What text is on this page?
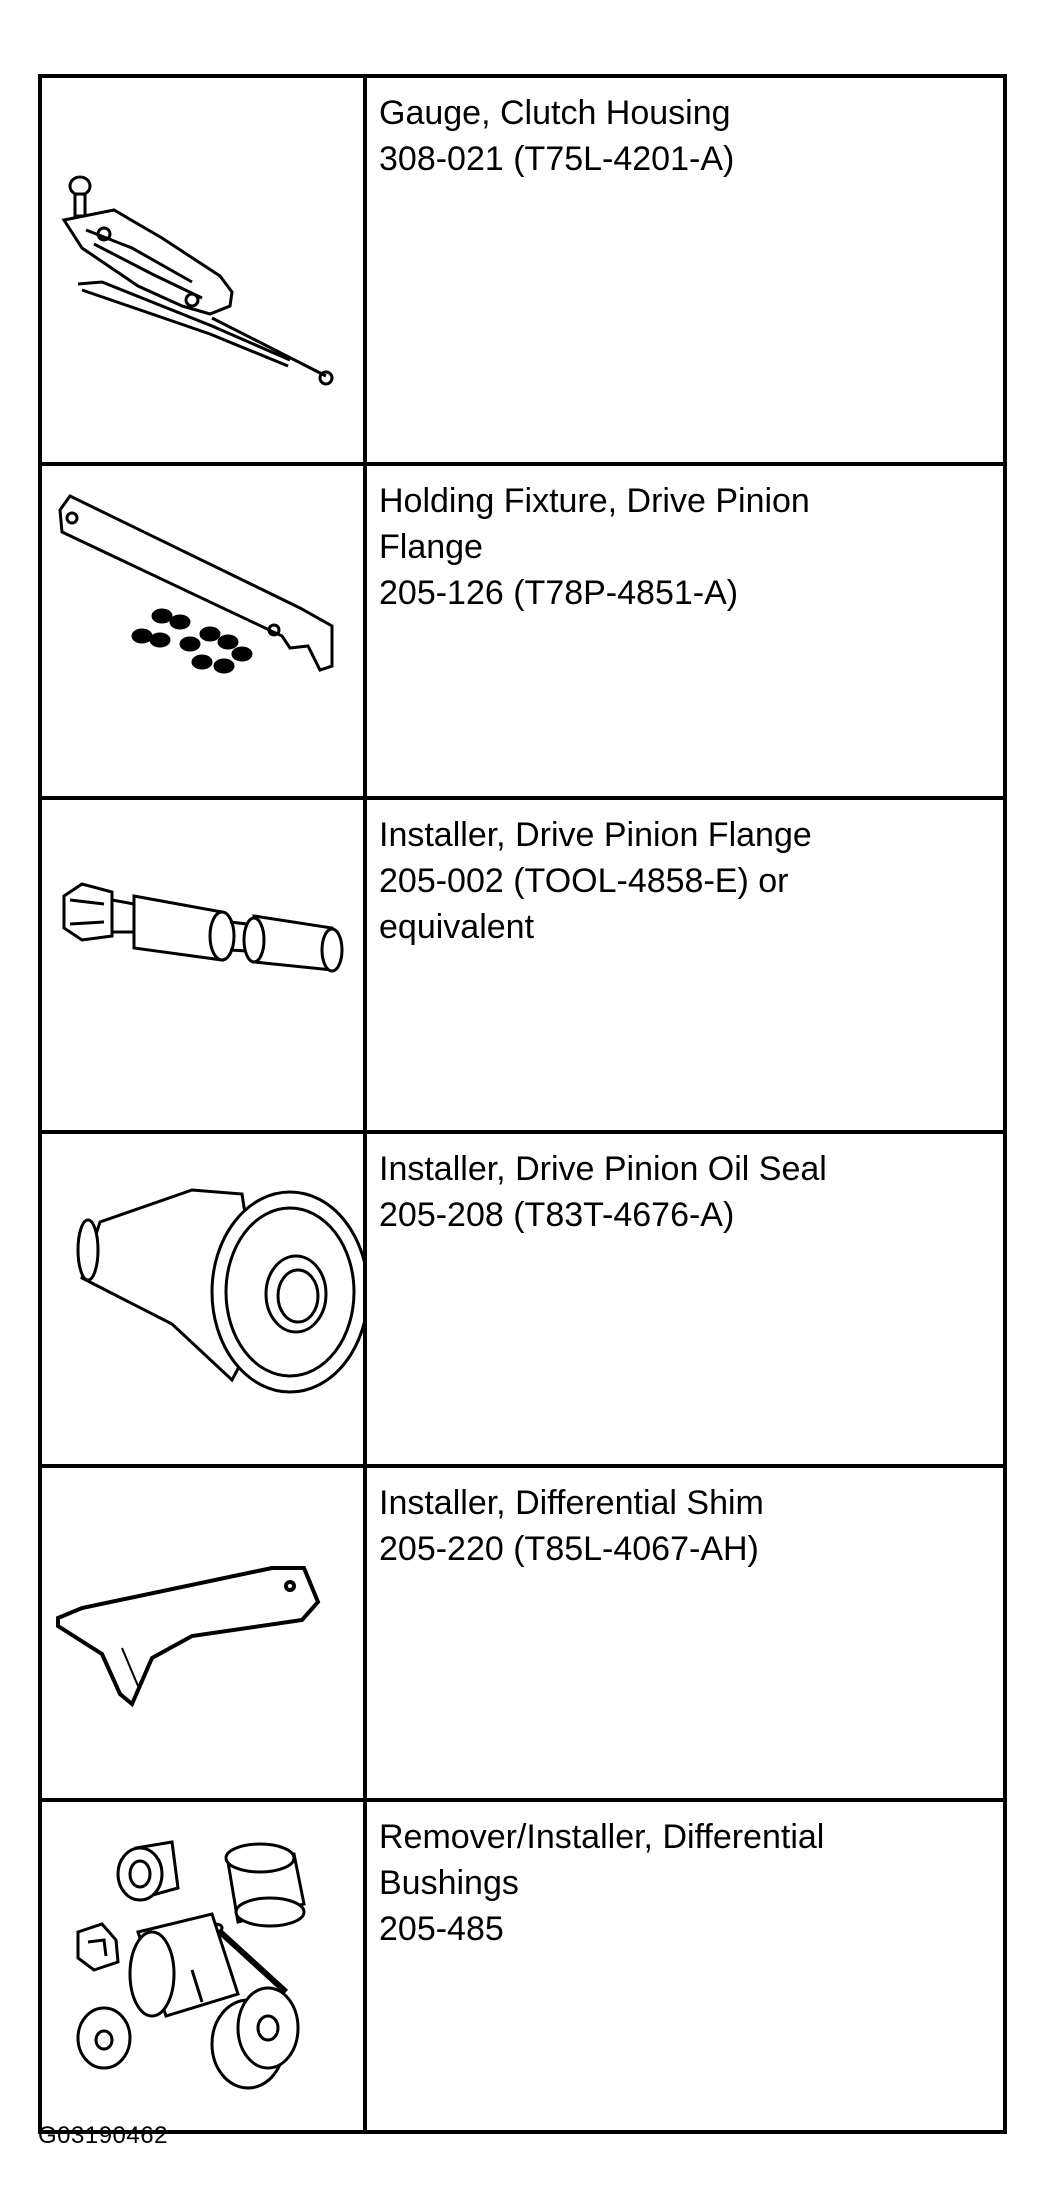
Gauge, Clutch Housing
308-021 (T75L-4201-A)

Holding Fixture, Drive Pinion
Flange
205-126 (T78P-4851-A)

Installer, Drive Pinion Flange
205-002 (TOOL-4858-E) or
equivalent

Installer, Drive Pinion Oil Seal
205-208 (T83T-4676-A)

Installer, Differential Shim
205-220 (T85L-4067-AH)

Remover/Installer, Differential
Bushings
205-485
G03190462
